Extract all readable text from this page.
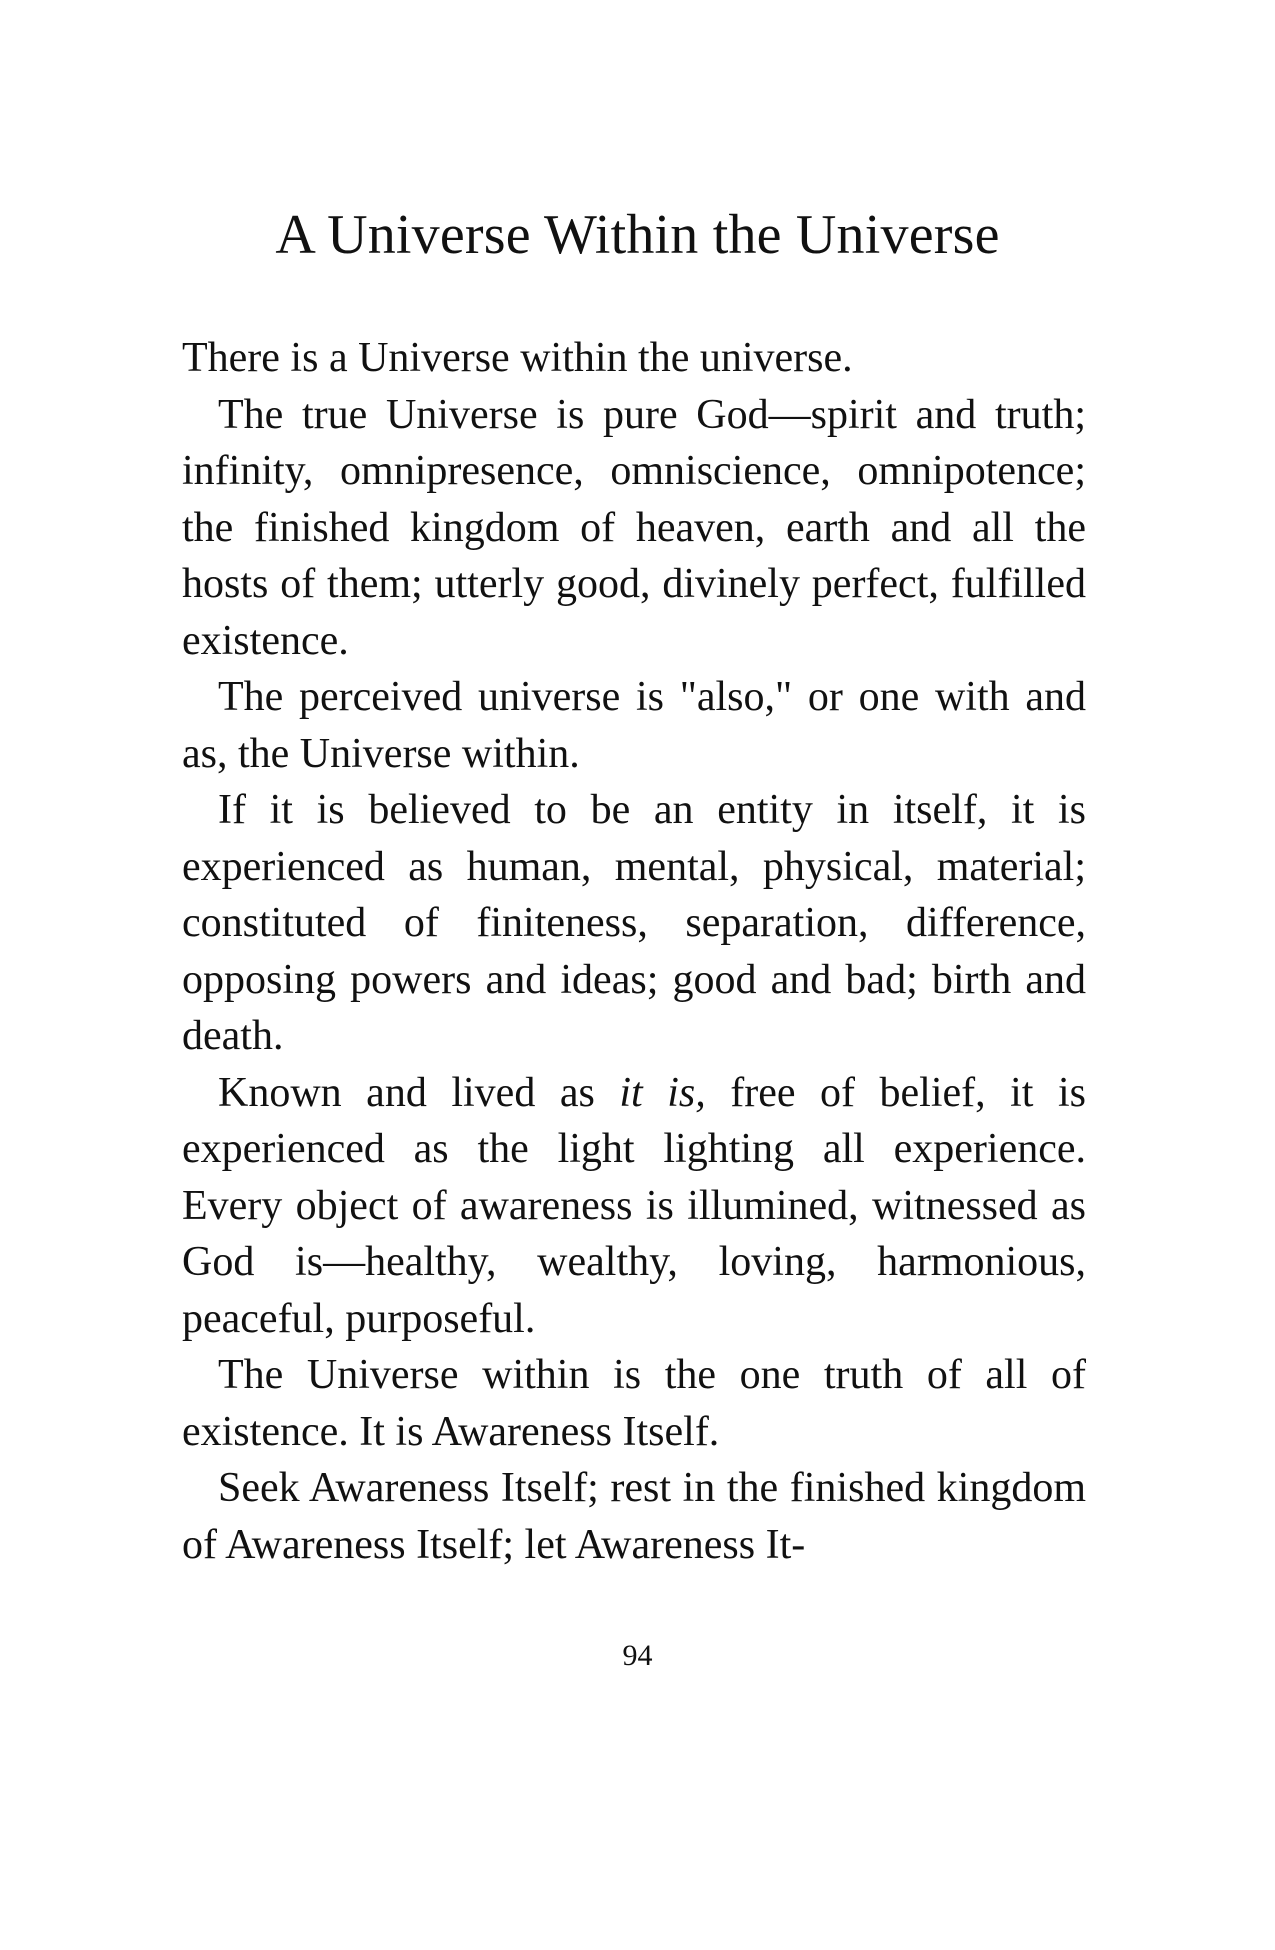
A Universe Within the Universe

There is a Universe within the universe.

The true Universe is pure God—spirit and truth; infinity, omnipresence, omniscience, omnipotence; the finished kingdom of heaven, earth and all the hosts of them; utterly good, divinely perfect, fulfilled existence.

The perceived universe is "also," or one with and as, the Universe within.

If it is believed to be an entity in itself, it is experienced as human, mental, physical, material; constituted of finiteness, separation, difference, opposing powers and ideas; good and bad; birth and death.

Known and lived as it is, free of belief, it is experienced as the light lighting all experience. Every object of awareness is illumined, witnessed as God is—healthy, wealthy, loving, harmonious, peaceful, purposeful.

The Universe within is the one truth of all of existence. It is Awareness Itself.

Seek Awareness Itself; rest in the finished kingdom of Awareness Itself; let Awareness It-

94
